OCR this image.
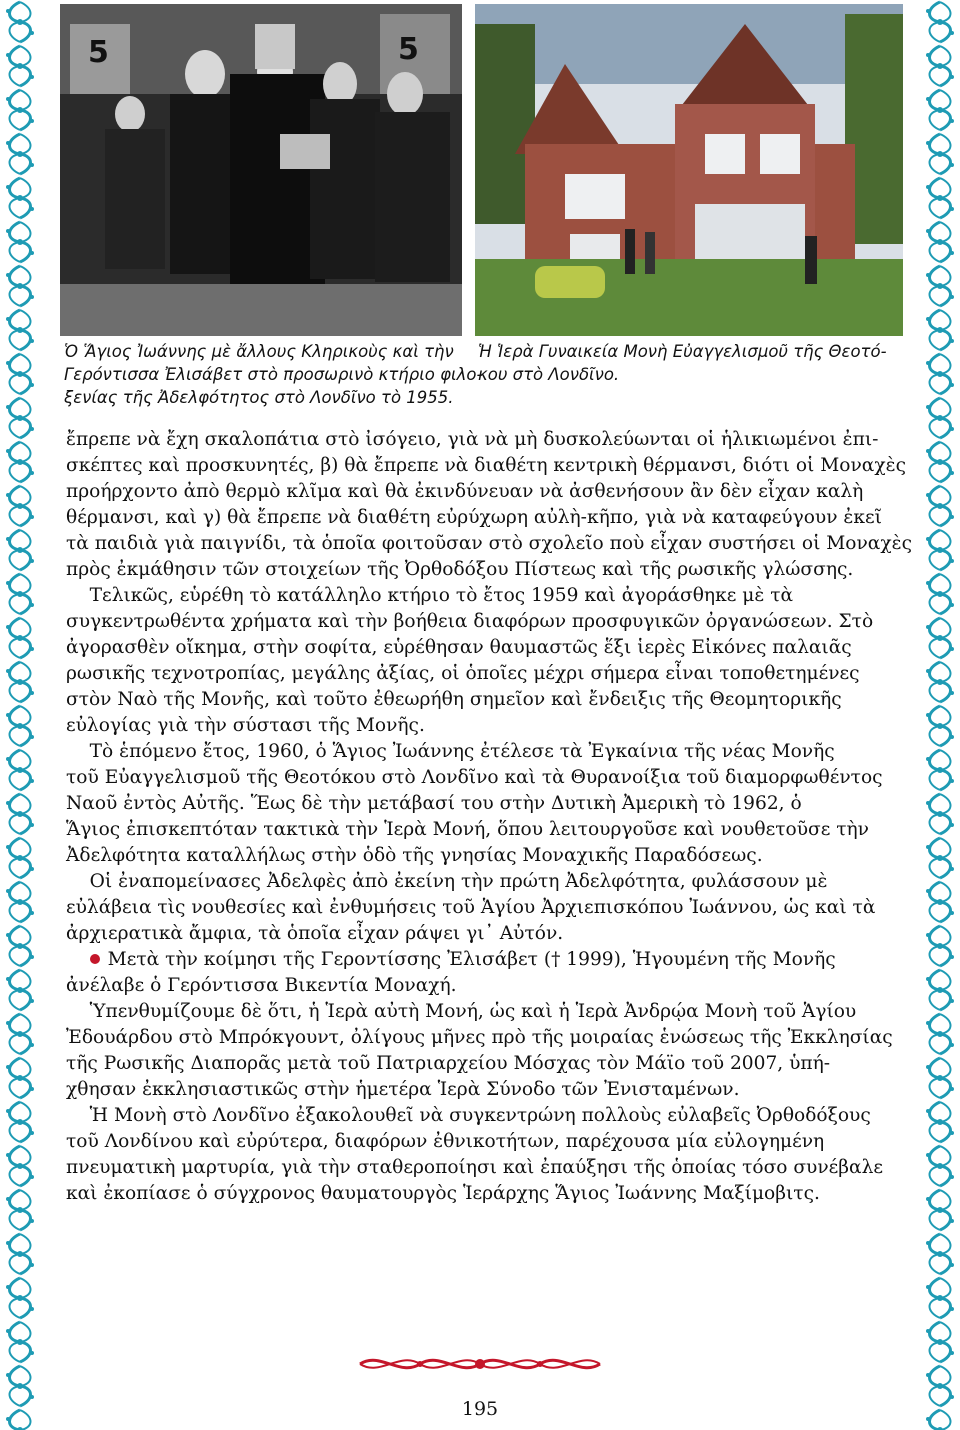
5	5

Ὁ Ἅγιος Ἰωάννης μὲ ἄλλους Κληρικοὺς καὶ τὴν
Γερόντισσα Ἐλισάβετ στὸ προσωρινὸ κτήριο φιλο-
ξενίας τῆς Ἀδελφότητος στὸ Λονδῖνο τὸ 1955.

Ἡ Ἱερὰ Γυναικεία Μονὴ Εὐαγγελισμοῦ τῆς Θεοτό-
κου στὸ Λονδῖνο.

ἔπρεπε νὰ ἔχη σκαλοπάτια στὸ ἰσόγειο, γιὰ νὰ μὴ δυσκολεύωνται οἱ ἡλικιωμένοι ἐπι-
σκέπτες καὶ προσκυνητές, β) θὰ ἔπρεπε νὰ διαθέτη κεντρικὴ θέρμανσι, διότι οἱ Μοναχὲς
προήρχοντο ἀπὸ θερμὸ κλῖμα καὶ θὰ ἐκινδύνευαν νὰ ἀσθενήσουν ἂν δὲν εἶχαν καλὴ
θέρμανσι, καὶ γ) θὰ ἔπρεπε νὰ διαθέτη εὐρύχωρη αὐλὴ-κῆπο, γιὰ νὰ καταφεύγουν ἐκεῖ
τὰ παιδιὰ γιὰ παιγνίδι, τὰ ὁποῖα φοιτοῦσαν στὸ σχολεῖο ποὺ εἶχαν συστήσει οἱ Μοναχὲς
πρὸς ἐκμάθησιν τῶν στοιχείων τῆς Ὀρθοδόξου Πίστεως καὶ τῆς ρωσικῆς γλώσσης.
Τελικῶς, εὑρέθη τὸ κατάλληλο κτήριο τὸ ἔτος 1959 καὶ ἀγοράσθηκε μὲ τὰ
συγκεντρωθέντα χρήματα καὶ τὴν βοήθεια διαφόρων προσφυγικῶν ὀργανώσεων. Στὸ
ἀγορασθὲν οἴκημα, στὴν σοφίτα, εὑρέθησαν θαυμαστῶς ἕξι ἱερὲς Εἰκόνες παλαιᾶς
ρωσικῆς τεχνοτροπίας, μεγάλης ἀξίας, οἱ ὁποῖες μέχρι σήμερα εἶναι τοποθετημένες
στὸν Ναὸ τῆς Μονῆς, καὶ τοῦτο ἐθεωρήθη σημεῖον καὶ ἔνδειξις τῆς Θεομητορικῆς
εὐλογίας γιὰ τὴν σύστασι τῆς Μονῆς.
Τὸ ἑπόμενο ἔτος, 1960, ὁ Ἅγιος Ἰωάννης ἐτέλεσε τὰ Ἐγκαίνια τῆς νέας Μονῆς
τοῦ Εὐαγγελισμοῦ τῆς Θεοτόκου στὸ Λονδῖνο καὶ τὰ Θυρανοίξια τοῦ διαμορφωθέντος
Ναοῦ ἐντὸς Αὐτῆς. Ἕως δὲ τὴν μετάβασί του στὴν Δυτικὴ Ἀμερικὴ τὸ 1962, ὁ
Ἅγιος ἐπισκεπτόταν τακτικὰ τὴν Ἱερὰ Μονή, ὅπου λειτουργοῦσε καὶ νουθετοῦσε τὴν
Ἀδελφότητα καταλλήλως στὴν ὁδὸ τῆς γνησίας Μοναχικῆς Παραδόσεως.
Οἱ ἐναπομείνασες Ἀδελφὲς ἀπὸ ἐκείνη τὴν πρώτη Ἀδελφότητα, φυλάσσουν μὲ
εὐλάβεια τὶς νουθεσίες καὶ ἐνθυμήσεις τοῦ Ἁγίου Ἀρχιεπισκόπου Ἰωάννου, ὡς καὶ τὰ
ἀρχιερατικὰ ἄμφια, τὰ ὁποῖα εἶχαν ράψει γι᾿ Αὐτόν.
Μετὰ τὴν κοίμησι τῆς Γεροντίσσης Ἐλισάβετ († 1999), Ἡγουμένη τῆς Μονῆς
ἀνέλαβε ὁ Γερόντισσα Βικεντία Μοναχή.
Ὑπενθυμίζουμε δὲ ὅτι, ἡ Ἱερὰ αὐτὴ Μονή, ὡς καὶ ἡ Ἱερὰ Ἀνδρῴα Μονὴ τοῦ Ἁγίου
Ἐδουάρδου στὸ Μπρόκγουντ, ὀλίγους μῆνες πρὸ τῆς μοιραίας ἑνώσεως τῆς Ἐκκλησίας
τῆς Ρωσικῆς Διαπορᾶς μετὰ τοῦ Πατριαρχείου Μόσχας τὸν Μάϊο τοῦ 2007, ὑπή-
χθησαν ἐκκλησιαστικῶς στὴν ἡμετέρα Ἱερὰ Σύνοδο τῶν Ἐνισταμένων.
Ἡ Μονὴ στὸ Λονδῖνο ἐξακολουθεῖ νὰ συγκεντρώνη πολλοὺς εὐλαβεῖς Ὀρθοδόξους
τοῦ Λονδίνου καὶ εὐρύτερα, διαφόρων ἐθνικοτήτων, παρέχουσα μία εὐλογημένη
πνευματικὴ μαρτυρία, γιὰ τὴν σταθεροποίησι καὶ ἐπαύξησι τῆς ὁποίας τόσο συνέβαλε
καὶ ἐκοπίασε ὁ σύγχρονος θαυματουργὸς Ἱεράρχης Ἅγιος Ἰωάννης Μαξίμοβιτς.

195
